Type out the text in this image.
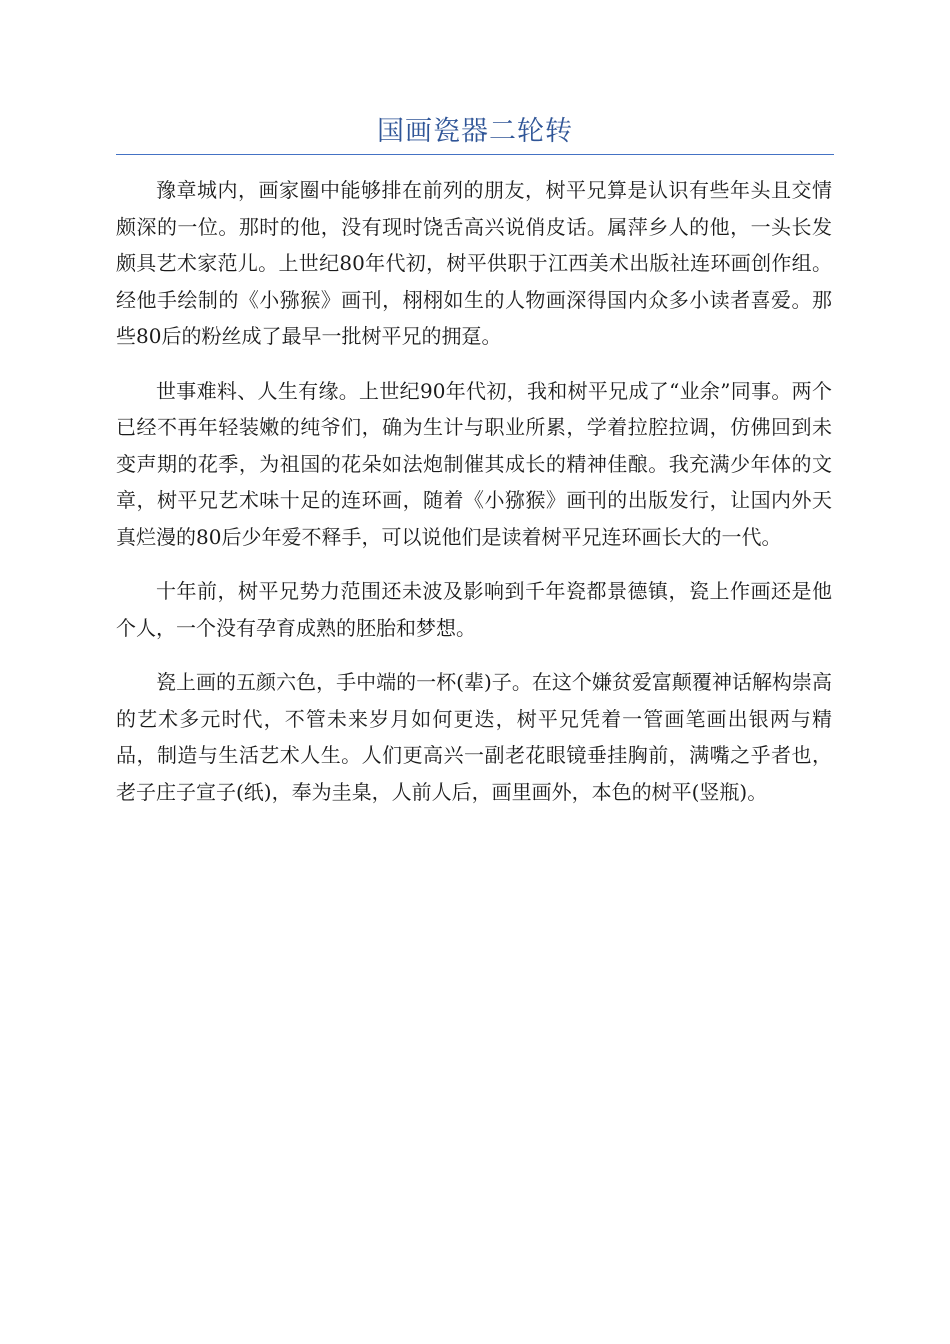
国画瓷器二轮转

豫章城内，画家圈中能够排在前列的朋友，树平兄算是认识有些年头且交情颇深的一位。那时的他，没有现时饶舌高兴说俏皮话。属萍乡人的他，一头长发颇具艺术家范儿。上世纪80年代初，树平供职于江西美术出版社连环画创作组。经他手绘制的《小猕猴》画刊，栩栩如生的人物画深得国内众多小读者喜爱。那些80后的粉丝成了最早一批树平兄的拥趸。

世事难料、人生有缘。上世纪90年代初，我和树平兄成了“业余”同事。两个已经不再年轻装嫩的纯爷们，确为生计与职业所累，学着拉腔拉调，仿佛回到未变声期的花季，为祖国的花朵如法炮制催其成长的精神佳酿。我充满少年体的文章，树平兄艺术味十足的连环画，随着《小猕猴》画刊的出版发行，让国内外天真烂漫的80后少年爱不释手，可以说他们是读着树平兄连环画长大的一代。

十年前，树平兄势力范围还未波及影响到千年瓷都景德镇，瓷上作画还是他个人，一个没有孕育成熟的胚胎和梦想。

瓷上画的五颜六色，手中端的一杯(辈)子。在这个嫌贫爱富颠覆神话解构崇高的艺术多元时代，不管未来岁月如何更迭，树平兄凭着一管画笔画出银两与精品，制造与生活艺术人生。人们更高兴一副老花眼镜垂挂胸前，满嘴之乎者也，老子庄子宣子(纸)，奉为圭臬，人前人后，画里画外，本色的树平(竖瓶)。
